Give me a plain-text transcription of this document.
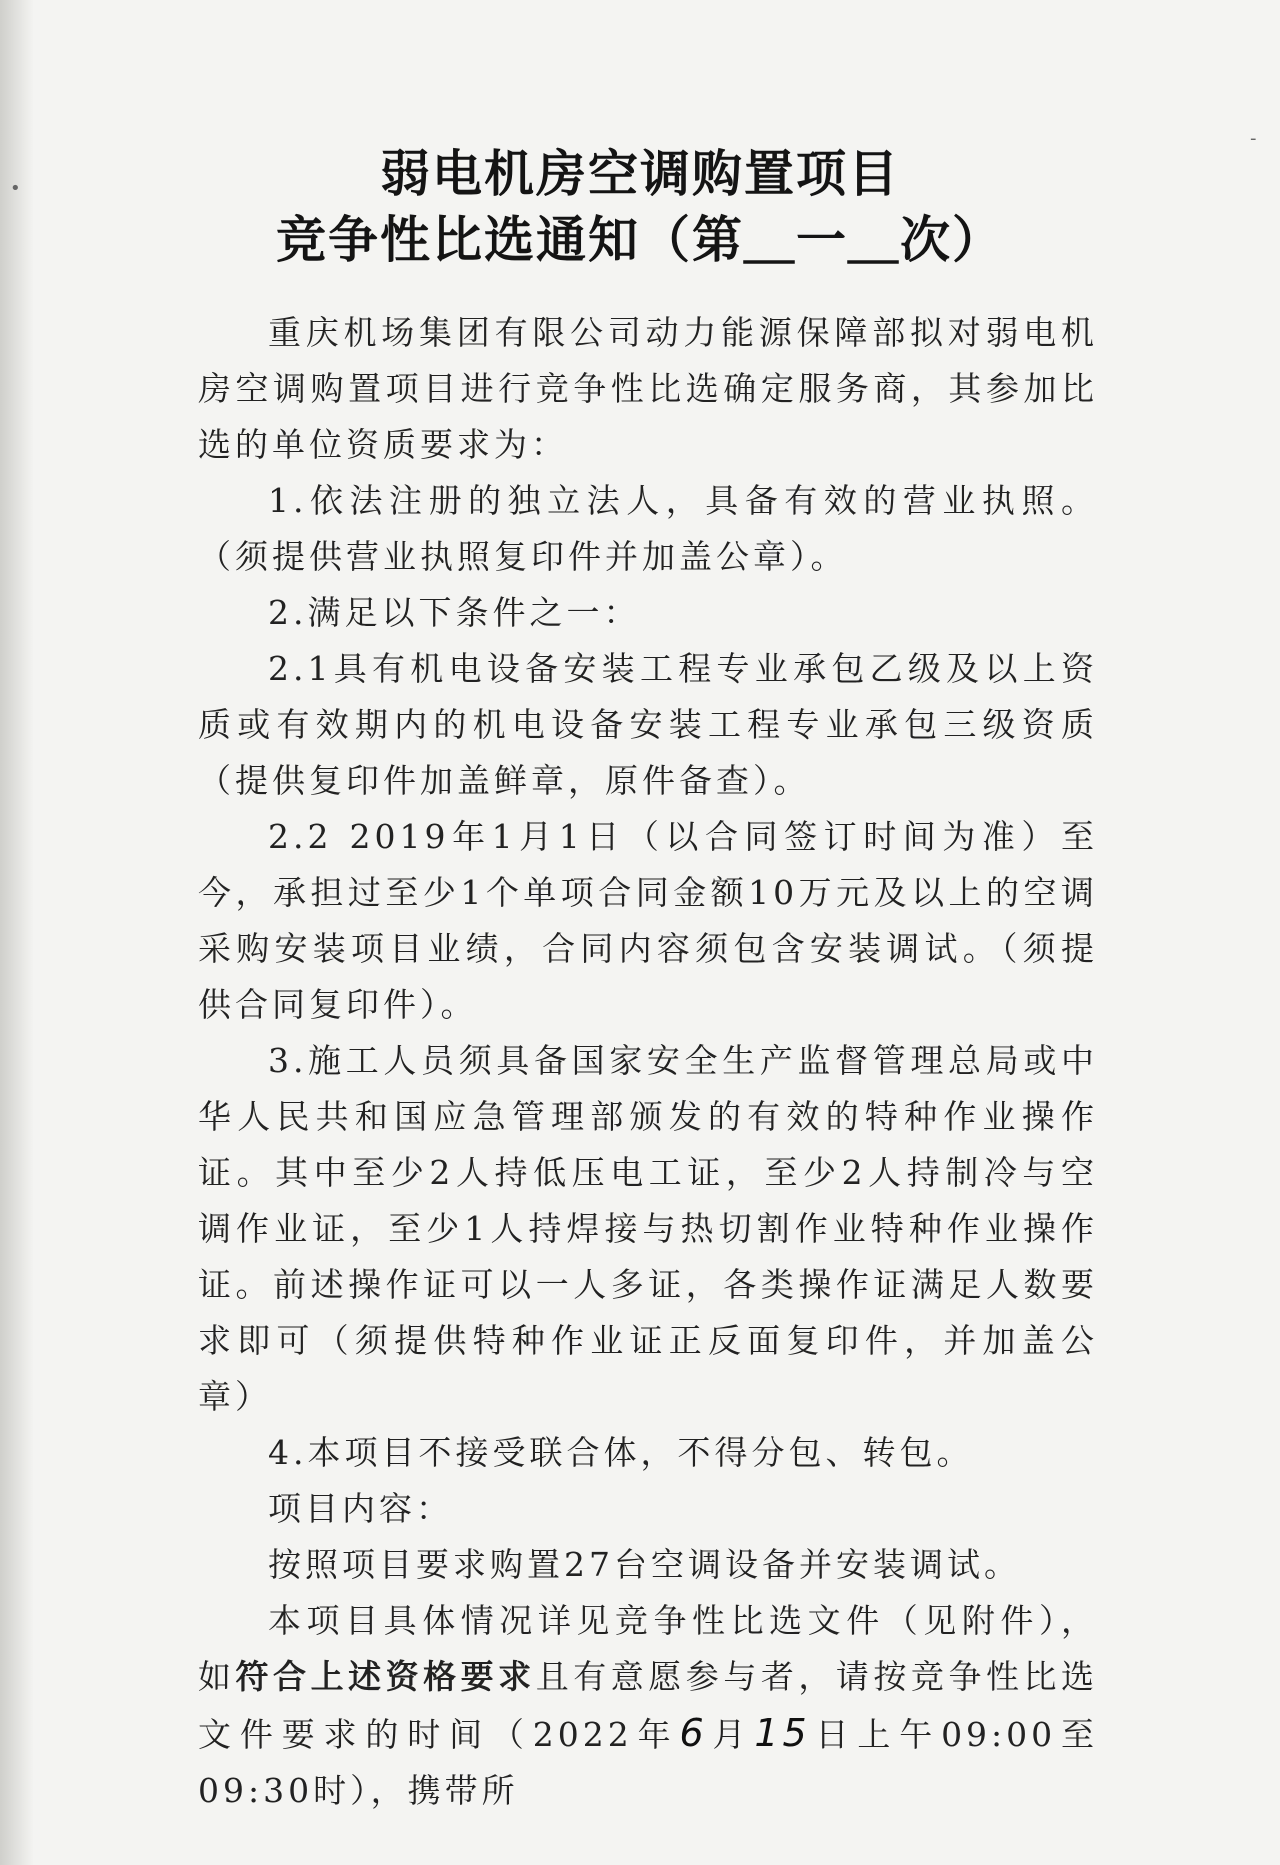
•
-
弱电机房空调购置项目
竞争性比选通知（第＿一＿次）

重庆机场集团有限公司动力能源保障部拟对弱电机房空调购置项目进行竞争性比选确定服务商，其参加比选的单位资质要求为：

1.依法注册的独立法人，具备有效的营业执照。（须提供营业执照复印件并加盖公章）。

2.满足以下条件之一：

2.1具有机电设备安装工程专业承包乙级及以上资质或有效期内的机电设备安装工程专业承包三级资质（提供复印件加盖鲜章，原件备查）。

2.2 2019年1月1日（以合同签订时间为准）至今，承担过至少1个单项合同金额10万元及以上的空调采购安装项目业绩，合同内容须包含安装调试。（须提供合同复印件）。

3.施工人员须具备国家安全生产监督管理总局或中华人民共和国应急管理部颁发的有效的特种作业操作证。其中至少2人持低压电工证，至少2人持制冷与空调作业证，至少1人持焊接与热切割作业特种作业操作证。前述操作证可以一人多证，各类操作证满足人数要求即可（须提供特种作业证正反面复印件，并加盖公章）

4.本项目不接受联合体，不得分包、转包。

项目内容：

按照项目要求购置27台空调设备并安装调试。

本项目具体情况详见竞争性比选文件（见附件），如符合上述资格要求且有意愿参与者，请按竞争性比选文件要求的时间（2022年6月15日上午09:00至09:30时），携带所
